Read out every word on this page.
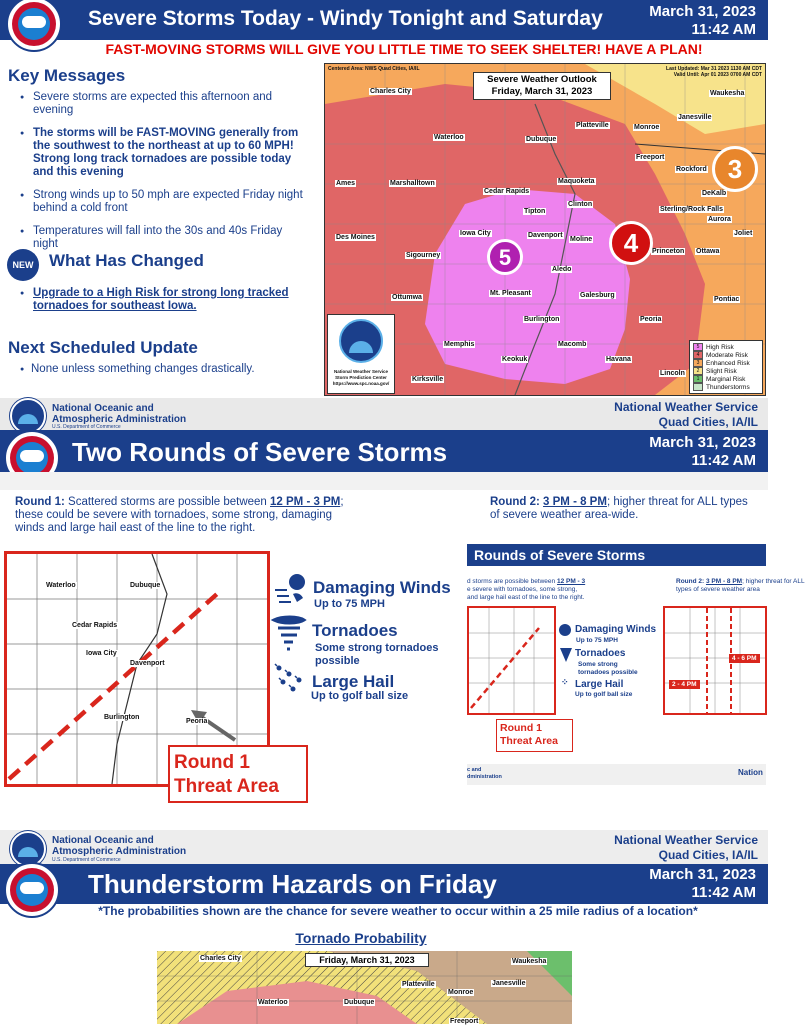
Severe Storms Today - Windy Tonight and Saturday	March 31, 2023
11:42 AM
FAST-MOVING STORMS WILL GIVE YOU LITTLE TIME TO SEEK SHELTER! HAVE A PLAN!
Key Messages
● Severe storms are expected this afternoon and evening
● The storms will be FAST-MOVING generally from the southwest to the northeast at up to 60 MPH! Strong long track tornadoes are possible today and this evening
● Strong winds up to 50 mph are expected Friday night behind a cold front
● Temperatures will fall into the 30s and 40s Friday night
NEW What Has Changed
● Upgrade to a High Risk for strong long tracked tornadoes for southeast Iowa.
Next Scheduled Update
● None unless something changes drastically.
Centered Area: NWS Quad Cities, IA/IL	Last Updated: Mar 31 2023 1130 AM CDT
Valid Until: Apr 01 2023 0700 AM CDT
Severe Weather Outlook
Friday, March 31, 2023
Charles City	Waukesha
Platteville
Janesville
Waterloo	Dubuque
Monroe
Freeport
Rockford
Ames	Marshalltown
Cedar Rapids
Maquoketa
DeKalb
Clinton
Sterling/Rock Falls
Aurora
Tipton
Iowa City	Davenport
Moline
Des Moines
Joliet
Princeton Ottawa
Sigourney
Aledo
Galesburg
Ottumwa
Mt. Pleasant
Pontiac
Burlington	Peoria
Memphis	Macomb
Keokuk	Havana
Kirksville
Lincoln
5	4
3
National Weather Service
Storm Prediction Center
https://www.spc.noaa.gov/
5	High Risk
4	Moderate Risk
3	Enhanced Risk
2	Slight Risk
1	Marginal Risk
Thunderstorms
National Oceanic and
Atmospheric Administration
U.S. Department of Commerce
National Weather Service
Quad Cities, IA/IL
Two Rounds of Severe Storms	March 31, 2023
11:42 AM
Round 1: Scattered storms are possible between 12 PM - 3 PM; these could be severe with tornadoes, some strong, damaging winds and large hail east of the line to the right.
Round 2: 3 PM - 8 PM; higher threat for ALL types of severe weather area-wide.
Waterloo	Dubuque
Cedar Rapids
Iowa City
Davenport
Burlington
Peoria
Damaging Winds
Up to 75 MPH
Tornadoes
Some strong tornadoes possible
Large Hail
Up to golf ball size
Round 1
Threat Area
Rounds of Severe Storms
d storms are possible between 12 PM - 3
e severe with tornadoes, some strong,
and large hail east of the line to the right.
Round 2: 3 PM - 8 PM; higher threat for ALL
types of severe weather area
Damaging Winds
Up to 75 MPH
Tornadoes
Some strong
tornadoes possible
⁘ Large Hail
Up to golf ball size
Round 1
Threat Area
4 - 6 PM
2 - 4 PM
c and
dministration	Nation
National Oceanic and
Atmospheric Administration
U.S. Department of Commerce
National Weather Service
Quad Cities, IA/IL
Thunderstorm Hazards on Friday	March 31, 2023
11:42 AM
*The probabilities shown are the chance for severe weather to occur within a 25 mile radius of a location*
Tornado Probability
Friday, March 31, 2023
Charles City	Waukesha
Janesville
Platteville
Monroe
Waterloo	Dubuque
Freeport
